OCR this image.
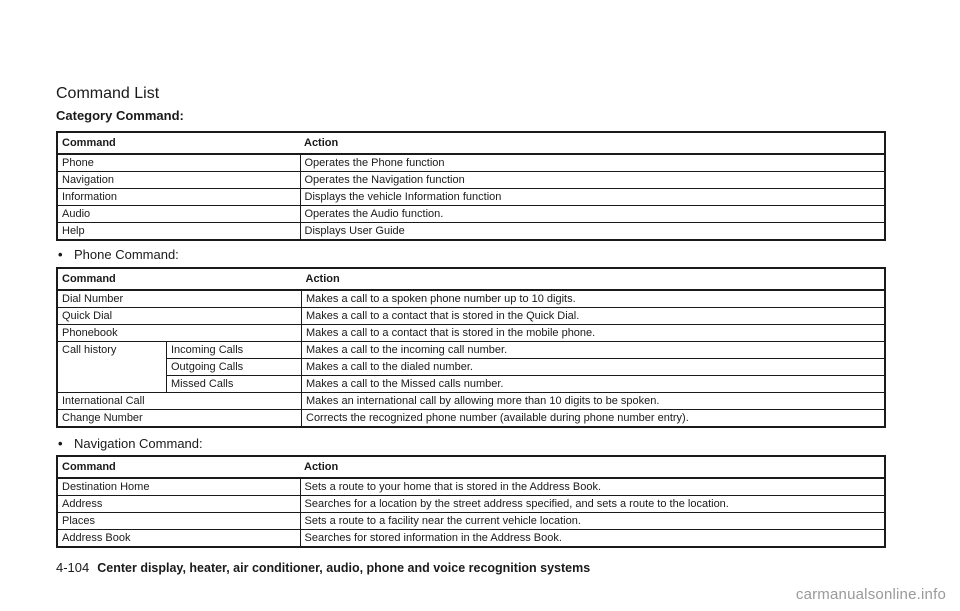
Command List
Category Command:
Command	Action
Phone	Operates the Phone function
Navigation	Operates the Navigation function
Information	Displays the vehicle Information function
Audio	Operates the Audio function.
Help	Displays User Guide
• Phone Command:
Command		Action
Dial Number		Makes a call to a spoken phone number up to 10 digits.
Quick Dial		Makes a call to a contact that is stored in the Quick Dial.
Phonebook		Makes a call to a contact that is stored in the mobile phone.
Call history	Incoming Calls	Makes a call to the incoming call number.
	Outgoing Calls	Makes a call to the dialed number.
	Missed Calls	Makes a call to the Missed calls number.
International Call		Makes an international call by allowing more than 10 digits to be spoken.
Change Number		Corrects the recognized phone number (available during phone number entry).
• Navigation Command:
Command	Action
Destination Home	Sets a route to your home that is stored in the Address Book.
Address	Searches for a location by the street address specified, and sets a route to the location.
Places	Sets a route to a facility near the current vehicle location.
Address Book	Searches for stored information in the Address Book.
4-104 Center display, heater, air conditioner, audio, phone and voice recognition systems
carmanualsonline.info
